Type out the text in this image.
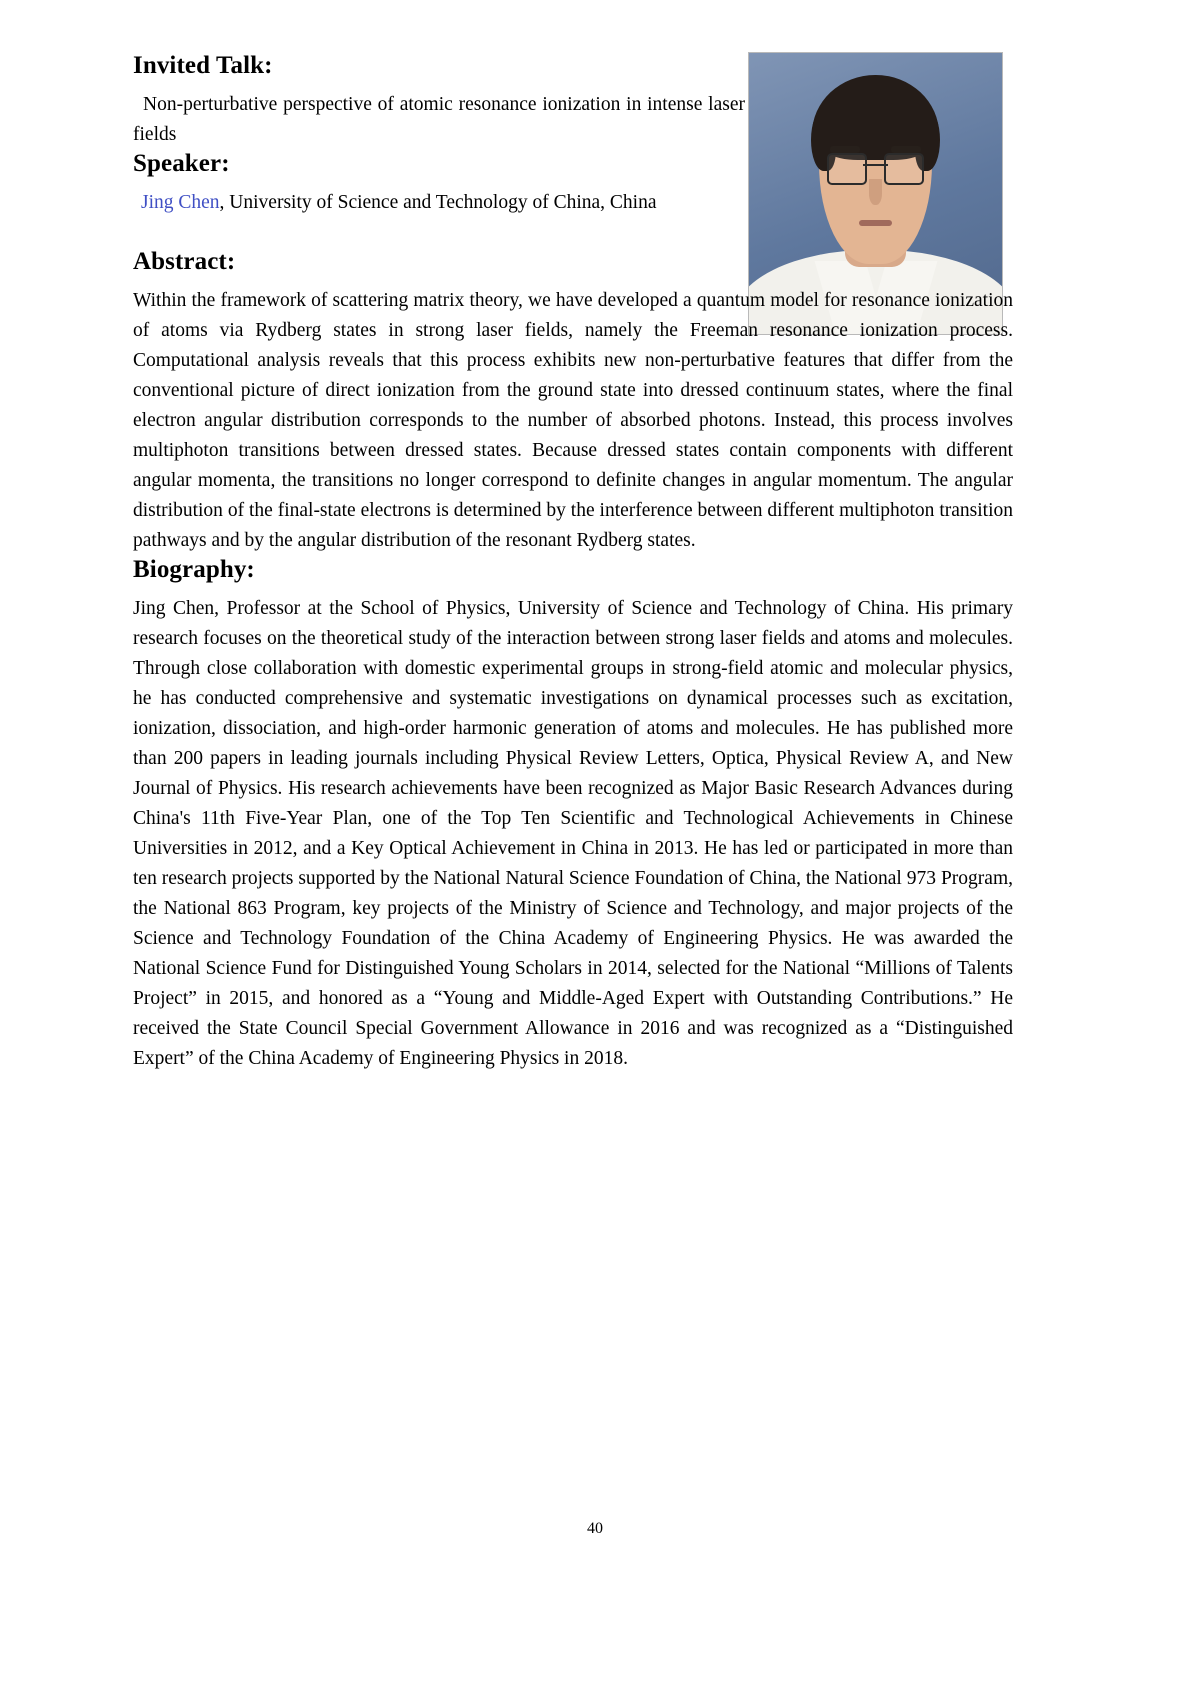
Invited Talk:

Non-perturbative perspective of atomic resonance ionization in intense laser fields

Speaker:

Jing Chen, University of Science and Technology of China, China

Abstract:

Within the framework of scattering matrix theory, we have developed a quantum model for resonance ionization of atoms via Rydberg states in strong laser fields, namely the Freeman resonance ionization process. Computational analysis reveals that this process exhibits new non-perturbative features that differ from the conventional picture of direct ionization from the ground state into dressed continuum states, where the final electron angular distribution corresponds to the number of absorbed photons. Instead, this process involves multiphoton transitions between dressed states. Because dressed states contain components with different angular momenta, the transitions no longer correspond to definite changes in angular momentum. The angular distribution of the final-state electrons is determined by the interference between different multiphoton transition pathways and by the angular distribution of the resonant Rydberg states.

Biography:

Jing Chen, Professor at the School of Physics, University of Science and Technology of China. His primary research focuses on the theoretical study of the interaction between strong laser fields and atoms and molecules. Through close collaboration with domestic experimental groups in strong-field atomic and molecular physics, he has conducted comprehensive and systematic investigations on dynamical processes such as excitation, ionization, dissociation, and high-order harmonic generation of atoms and molecules. He has published more than 200 papers in leading journals including Physical Review Letters, Optica, Physical Review A, and New Journal of Physics. His research achievements have been recognized as Major Basic Research Advances during China's 11th Five-Year Plan, one of the Top Ten Scientific and Technological Achievements in Chinese Universities in 2012, and a Key Optical Achievement in China in 2013. He has led or participated in more than ten research projects supported by the National Natural Science Foundation of China, the National 973 Program, the National 863 Program, key projects of the Ministry of Science and Technology, and major projects of the Science and Technology Foundation of the China Academy of Engineering Physics. He was awarded the National Science Fund for Distinguished Young Scholars in 2014, selected for the National “Millions of Talents Project” in 2015, and honored as a “Young and Middle-Aged Expert with Outstanding Contributions.” He received the State Council Special Government Allowance in 2016 and was recognized as a “Distinguished Expert” of the China Academy of Engineering Physics in 2018.

40
